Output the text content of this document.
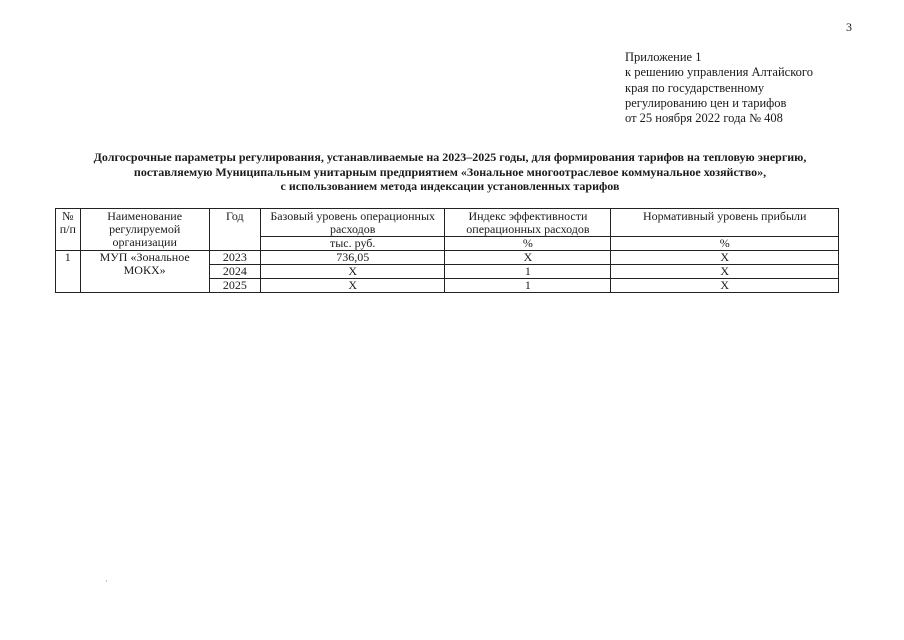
3
Приложение 1
к решению управления Алтайского
края по государственному
регулированию цен и тарифов
от 25 ноября 2022 года № 408
Долгосрочные параметры регулирования, устанавливаемые на 2023–2025 годы, для формирования тарифов на тепловую энергию,
поставляемую Муниципальным унитарным предприятием «Зональное многоотраслевое коммунальное хозяйство»,
с использованием метода индексации установленных тарифов
№ п/п	Наименование регулируемой организации	Год	Базовый уровень операционных расходов	Индекс эффективности операционных расходов	Нормативный уровень прибыли
			тыс. руб.	%	%
1	МУП «Зональное МОКХ»	2023	736,05	Х	Х
		2024	Х	1	Х
		2025	Х	1	Х
·
